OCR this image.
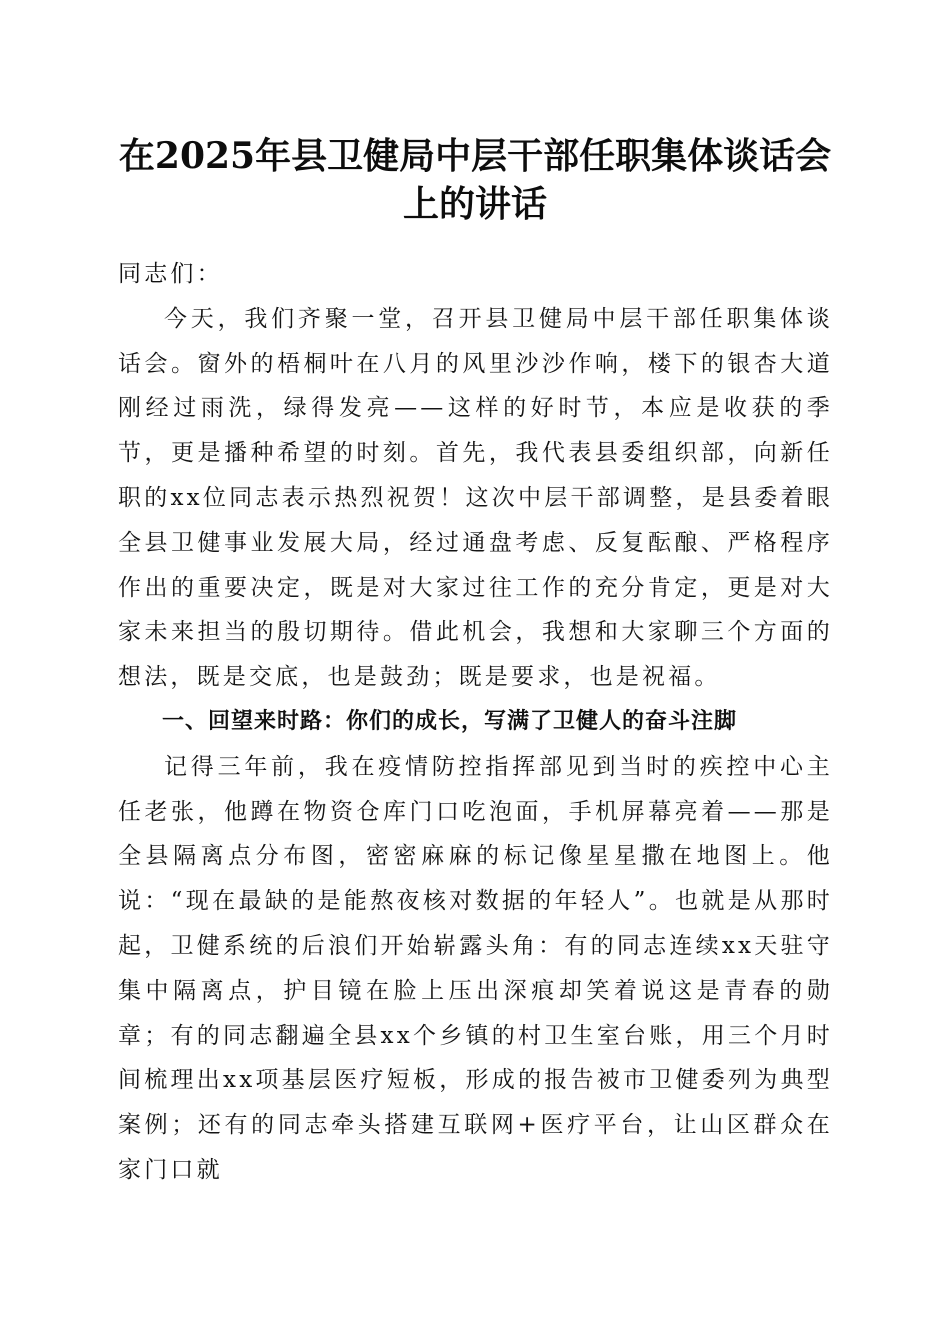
在2025年县卫健局中层干部任职集体谈话会
上的讲话

同志们：

今天，我们齐聚一堂，召开县卫健局中层干部任职集体谈话会。窗外的梧桐叶在八月的风里沙沙作响，楼下的银杏大道刚经过雨洗，绿得发亮——这样的好时节，本应是收获的季节，更是播种希望的时刻。首先，我代表县委组织部，向新任职的xx位同志表示热烈祝贺！这次中层干部调整，是县委着眼全县卫健事业发展大局，经过通盘考虑、反复酝酿、严格程序作出的重要决定，既是对大家过往工作的充分肯定，更是对大家未来担当的殷切期待。借此机会，我想和大家聊三个方面的想法，既是交底，也是鼓劲；既是要求，也是祝福。

一、回望来时路：你们的成长，写满了卫健人的奋斗注脚

记得三年前，我在疫情防控指挥部见到当时的疾控中心主任老张，他蹲在物资仓库门口吃泡面，手机屏幕亮着——那是全县隔离点分布图，密密麻麻的标记像星星撒在地图上。他说：“现在最缺的是能熬夜核对数据的年轻人”。也就是从那时起，卫健系统的后浪们开始崭露头角：有的同志连续xx天驻守集中隔离点，护目镜在脸上压出深痕却笑着说这是青春的勋章；有的同志翻遍全县xx个乡镇的村卫生室台账，用三个月时间梳理出xx项基层医疗短板，形成的报告被市卫健委列为典型案例；还有的同志牵头搭建互联网+医疗平台，让山区群众在家门口就
